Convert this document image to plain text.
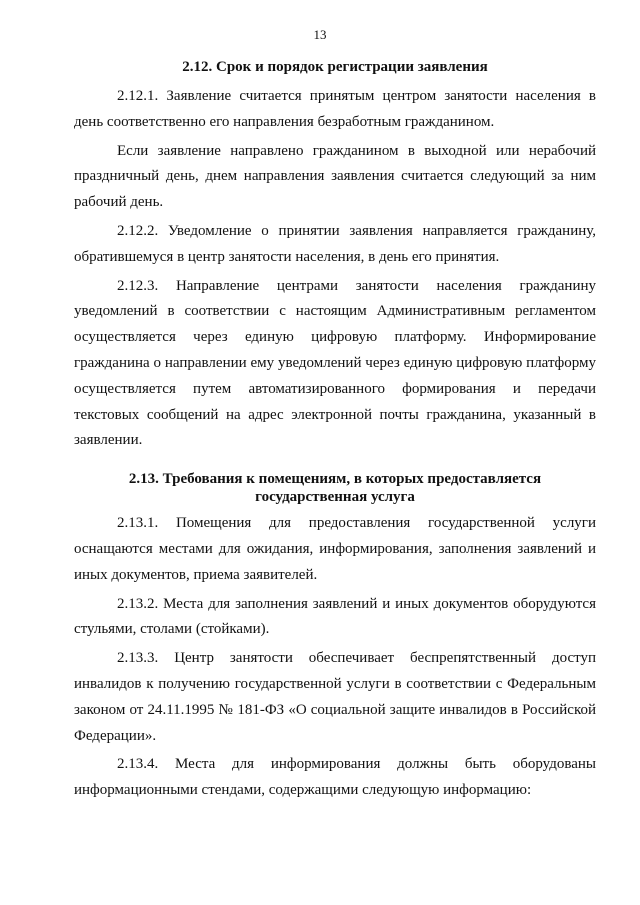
13
2.12. Срок и порядок регистрации заявления

2.12.1. Заявление считается принятым центром занятости населения в день соответственно его направления безработным гражданином.

Если заявление направлено гражданином в выходной или нерабочий праздничный день, днем направления заявления считается следующий за ним рабочий день.

2.12.2. Уведомление о принятии заявления направляется гражданину, обратившемуся в центр занятости населения, в день его принятия.

2.12.3. Направление центрами занятости населения гражданину уведомлений в соответствии с настоящим Административным регламентом осуществляется через единую цифровую платформу. Информирование гражданина о направлении ему уведомлений через единую цифровую платформу осуществляется путем автоматизированного формирования и передачи текстовых сообщений на адрес электронной почты гражданина, указанный в заявлении.

2.13. Требования к помещениям, в которых предоставляется
государственная услуга

2.13.1. Помещения для предоставления государственной услуги оснащаются местами для ожидания, информирования, заполнения заявлений и иных документов, приема заявителей.

2.13.2. Места для заполнения заявлений и иных документов оборудуются стульями, столами (стойками).

2.13.3. Центр занятости обеспечивает беспрепятственный доступ инвалидов к получению государственной услуги в соответствии с Федеральным законом от 24.11.1995 № 181-ФЗ «О социальной защите инвалидов в Российской Федерации».

2.13.4. Места для информирования должны быть оборудованы информационными стендами, содержащими следующую информацию:
